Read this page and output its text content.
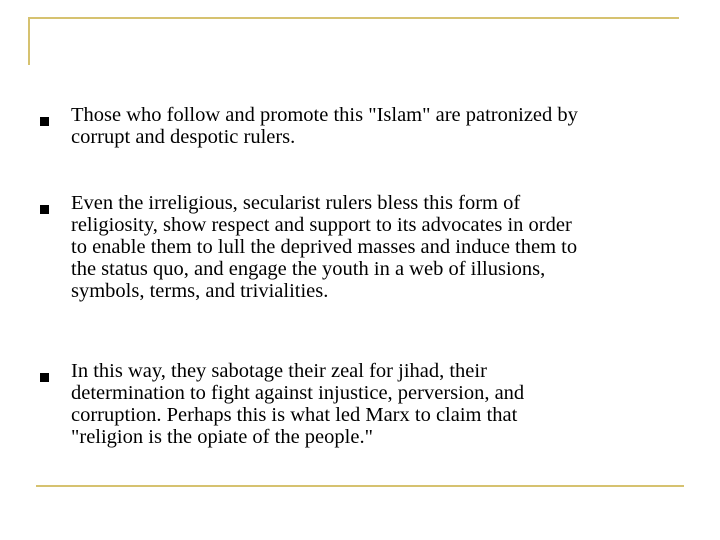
Those who follow and promote this "Islam" are patronized by
corrupt and despotic rulers.
Even the irreligious, secularist rulers bless this form of
religiosity, show respect and support to its advocates in order
to enable them to lull the deprived masses and induce them to
the status quo, and engage the youth in a web of illusions,
symbols, terms, and trivialities.
In this way, they sabotage their zeal for jihad, their
determination to fight against injustice, perversion, and
corruption. Perhaps this is what led Marx to claim that
"religion is the opiate of the people."
